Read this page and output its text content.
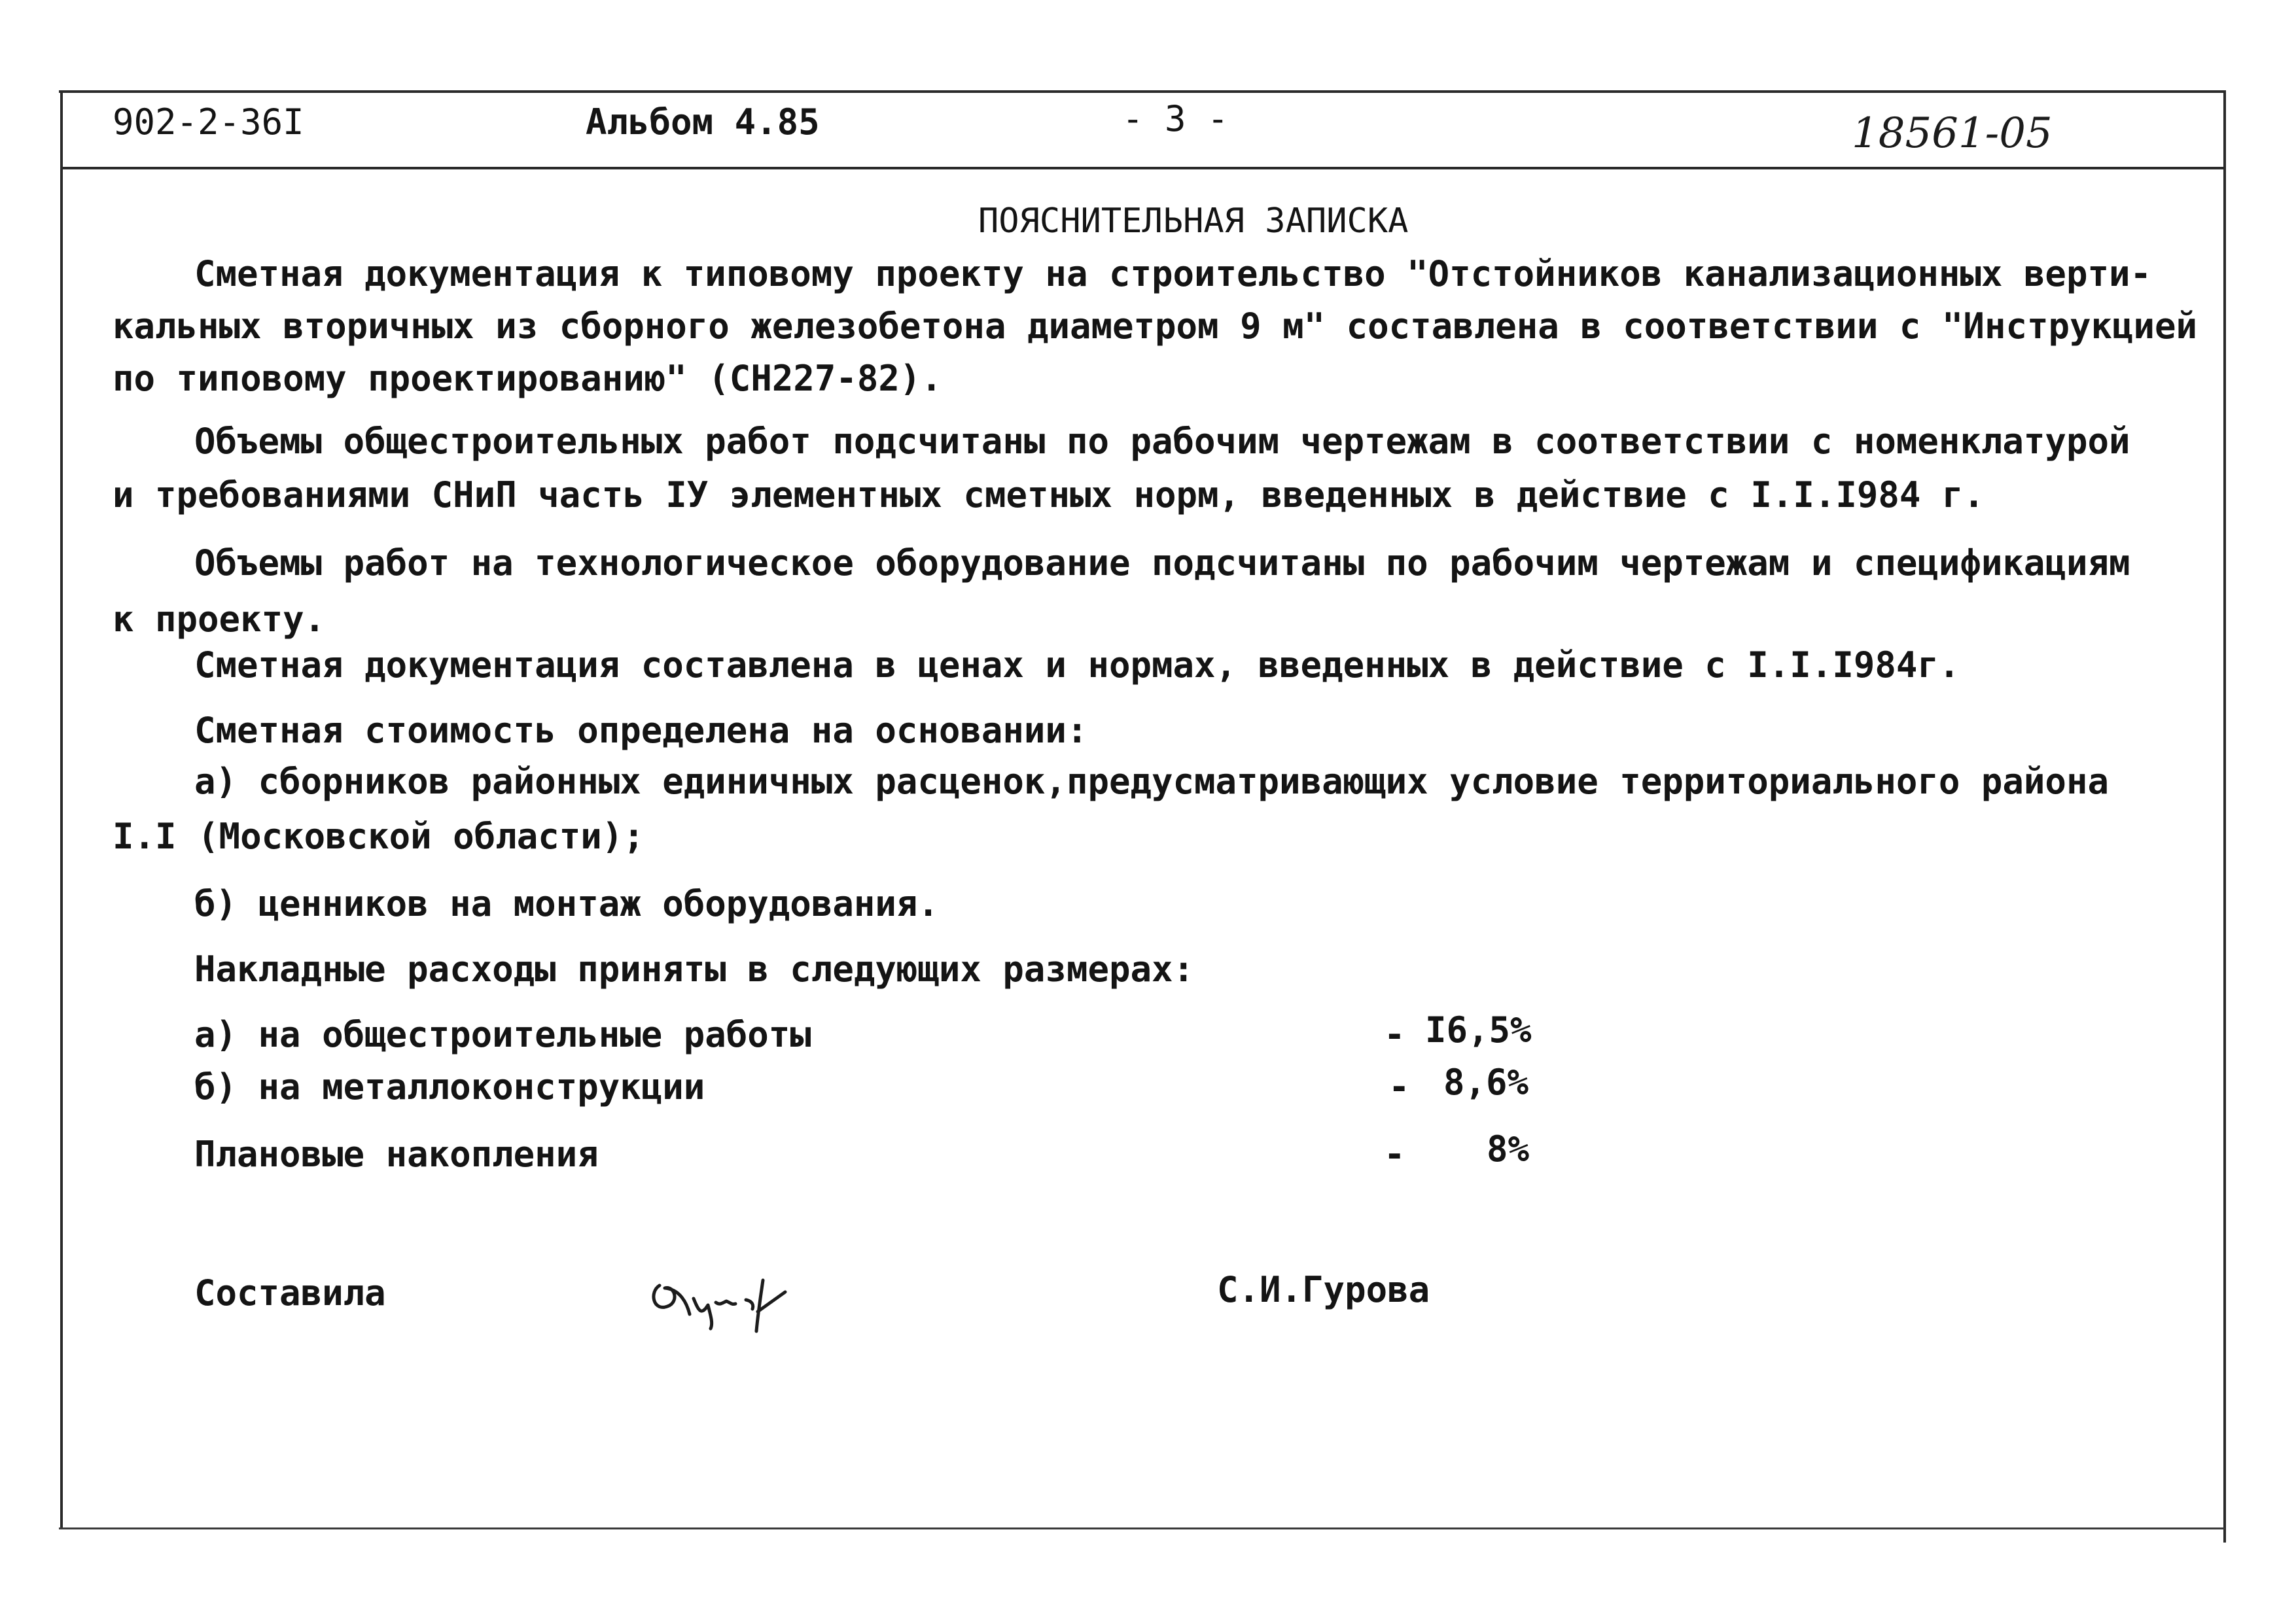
902-2-36I	Альбом 4.85	- 3 -	18561-05
ПОЯСНИТЕЛЬНАЯ ЗАПИСКА
Сметная документация к типовому проекту на строительство "Отстойников канализационных верти-
кальных вторичных из сборного железобетона диаметром 9 м" составлена в соответствии с "Инструкцией
по типовому проектированию" (СН227-82).
Объемы общестроительных работ подсчитаны по рабочим чертежам в соответствии с номенклатурой
и требованиями СНиП часть IУ элементных сметных норм, введенных в действие с I.I.I984 г.
Объемы работ на технологическое оборудование подсчитаны по рабочим чертежам и спецификациям
к проекту.
Сметная документация составлена в ценах и нормах, введенных в действие с I.I.I984г.
Сметная стоимость определена на основании:
а) сборников районных единичных расценок,предусматривающих условие территориального района
I.I (Московской области);
б) ценников на монтаж оборудования.
Накладные расходы приняты в следующих размерах:
а) на общестроительные работы	- I6,5%
б) на металлоконструкции	- 8,6%
Плановые накопления	- 8%
Составила	С.И.Гурова
